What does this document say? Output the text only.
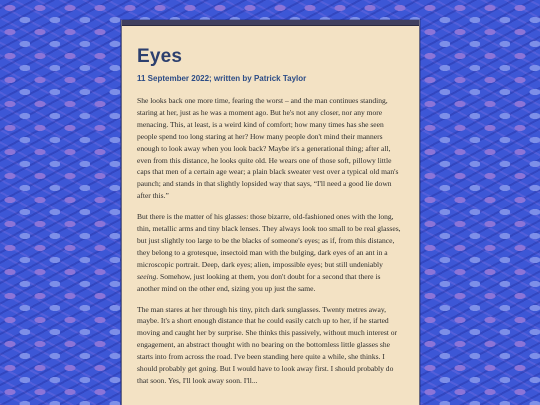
Eyes

11 September 2022; written by Patrick Taylor

She looks back one more time, fearing the worst – and the man continues standing, staring at her, just as he was a moment ago. But he's not any closer, nor any more menacing. This, at least, is a weird kind of comfort; how many times has she seen people spend too long staring at her? How many people don't mind their manners enough to look away when you look back? Maybe it's a generational thing; after all, even from this distance, he looks quite old. He wears one of those soft, pillowy little caps that men of a certain age wear; a plain black sweater vest over a typical old man's paunch; and stands in that slightly lopsided way that says, “I'll need a good lie down after this.”

But there is the matter of his glasses: those bizarre, old-fashioned ones with the long, thin, metallic arms and tiny black lenses. They always look too small to be real glasses, but just slightly too large to be the blacks of someone's eyes; as if, from this distance, they belong to a grotesque, insectoid man with the bulging, dark eyes of an ant in a microscopic portrait. Deep, dark eyes; alien, impossible eyes; but still undeniably seeing. Somehow, just looking at them, you don't doubt for a second that there is another mind on the other end, sizing you up just the same.

The man stares at her through his tiny, pitch dark sunglasses. Twenty metres away, maybe. It's a short enough distance that he could easily catch up to her, if he started moving and caught her by surprise. She thinks this passively, without much interest or engagement, an abstract thought with no bearing on the bottomless little glasses she starts into from across the road. I've been standing here quite a while, she thinks. I should probably get going. But I would have to look away first. I should probably do that soon. Yes, I'll look away soon. I'll...
